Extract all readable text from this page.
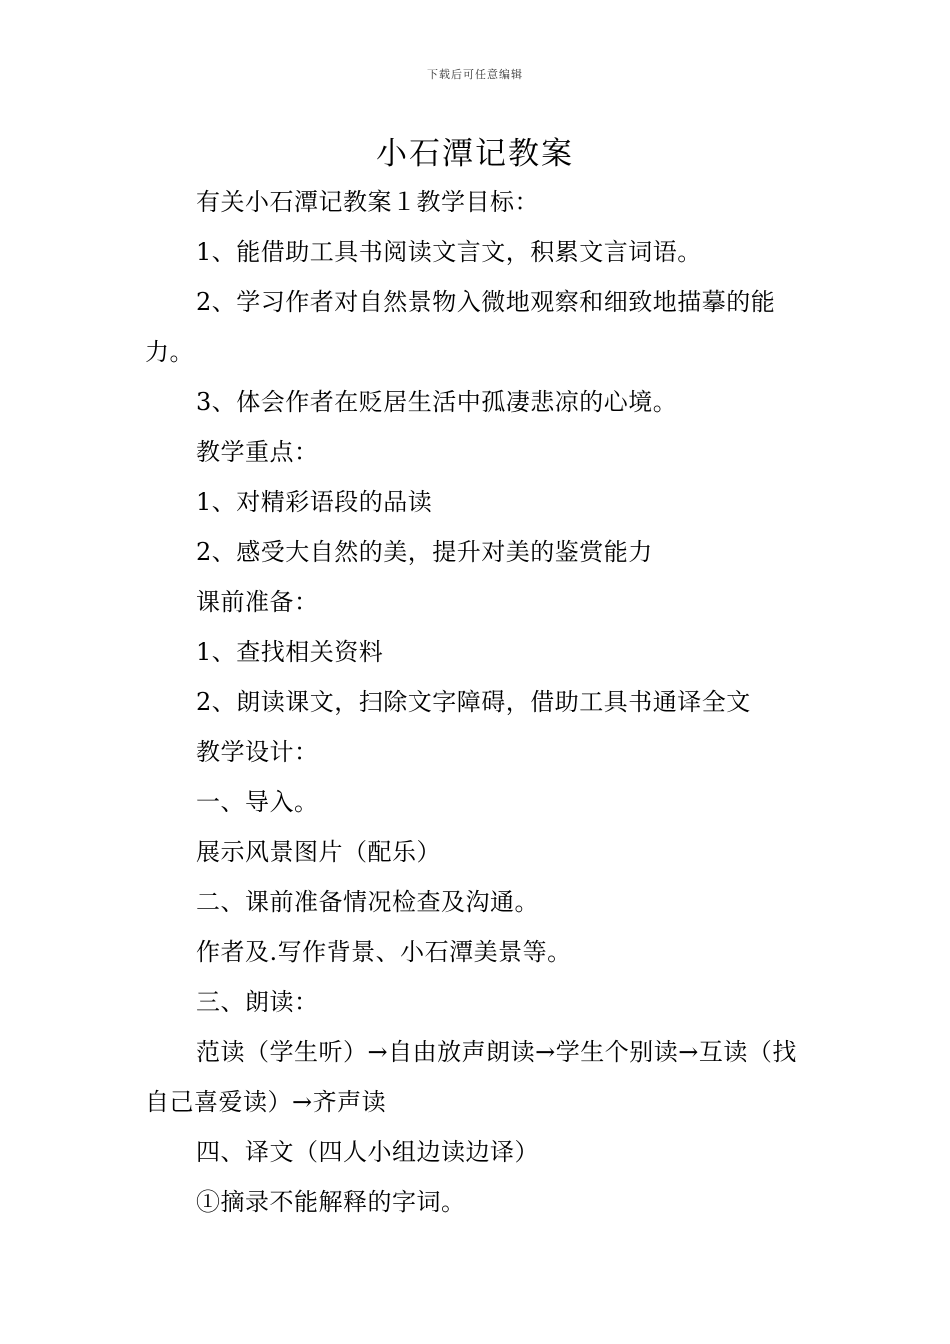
下载后可任意编辑
小石潭记教案

有关小石潭记教案１教学目标：

1、能借助工具书阅读文言文，积累文言词语。

2、学习作者对自然景物入微地观察和细致地描摹的能力。

3、体会作者在贬居生活中孤凄悲凉的心境。

教学重点：

1、对精彩语段的品读

2、感受大自然的美，提升对美的鉴赏能力

课前准备：

1、查找相关资料

2、朗读课文，扫除文字障碍，借助工具书通译全文

教学设计：

一、导入。

展示风景图片（配乐）

二、课前准备情况检查及沟通。

作者及.写作背景、小石潭美景等。

三、朗读：

范读（学生听）→自由放声朗读→学生个别读→互读（找自己喜爱读）→齐声读

四、译文（四人小组边读边译）

①摘录不能解释的字词。
